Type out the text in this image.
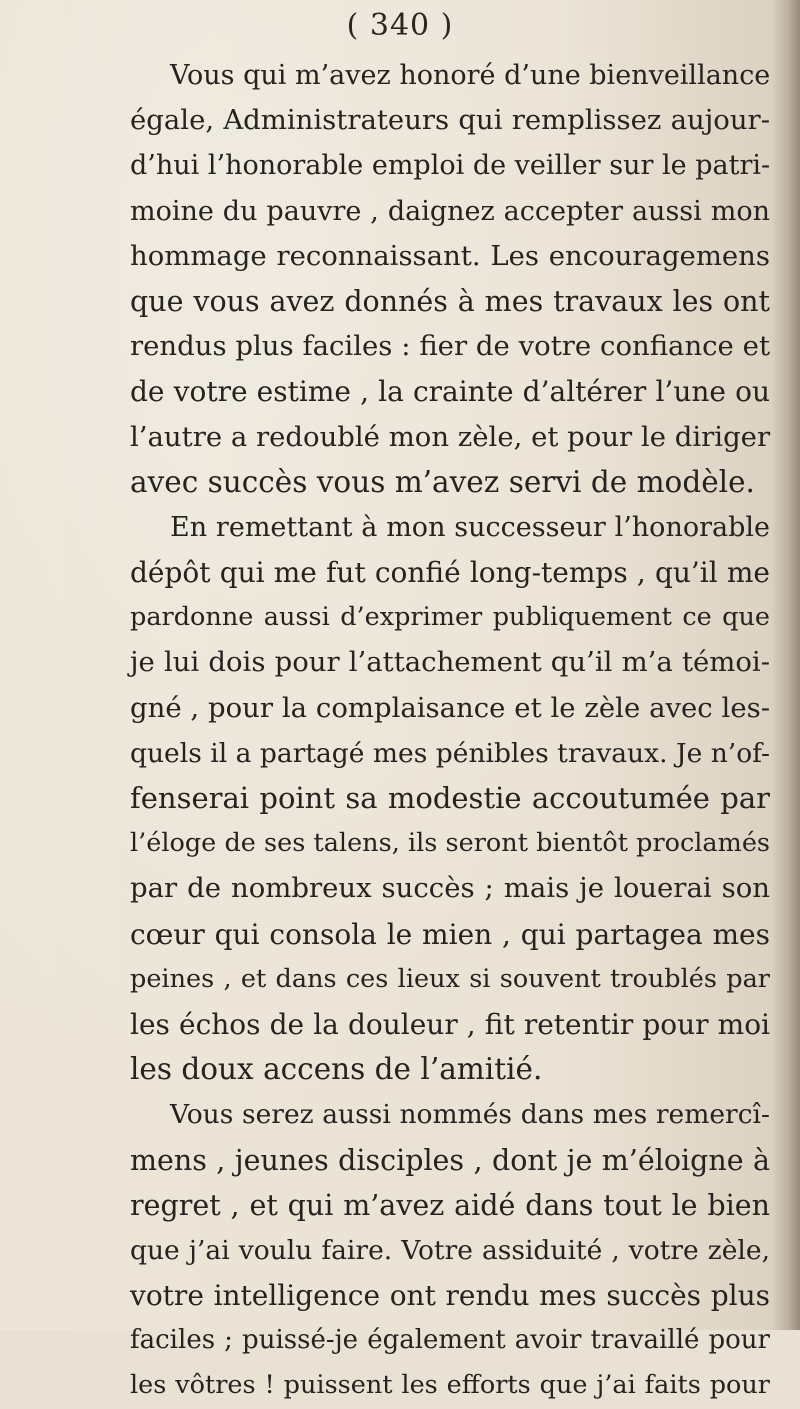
( 340 )

Vous qui m’avez honoré d’une bienveillance
égale, Administrateurs qui remplissez aujour-
d’hui l’honorable emploi de veiller sur le patri-
moine du pauvre , daignez accepter aussi mon
hommage reconnaissant. Les encouragemens
que vous avez donnés à mes travaux les ont
rendus plus faciles : fier de votre confiance et
de votre estime , la crainte d’altérer l’une ou
l’autre a redoublé mon zèle, et pour le diriger
avec succès vous m’avez servi de modèle.
En remettant à mon successeur l’honorable
dépôt qui me fut confié long-temps , qu’il me
pardonne aussi d’exprimer publiquement ce que
je lui dois pour l’attachement qu’il m’a témoi-
gné , pour la complaisance et le zèle avec les-
quels il a partagé mes pénibles travaux. Je n’of-
fenserai point sa modestie accoutumée par
l’éloge de ses talens, ils seront bientôt proclamés
par de nombreux succès ; mais je louerai son
cœur qui consola le mien , qui partagea mes
peines , et dans ces lieux si souvent troublés par
les échos de la douleur , fit retentir pour moi
les doux accens de l’amitié.
Vous serez aussi nommés dans mes remercî-
mens , jeunes disciples , dont je m’éloigne à
regret , et qui m’avez aidé dans tout le bien
que j’ai voulu faire. Votre assiduité , votre zèle,
votre intelligence ont rendu mes succès plus
faciles ; puissé-je également avoir travaillé pour
les vôtres ! puissent les efforts que j’ai faits pour
